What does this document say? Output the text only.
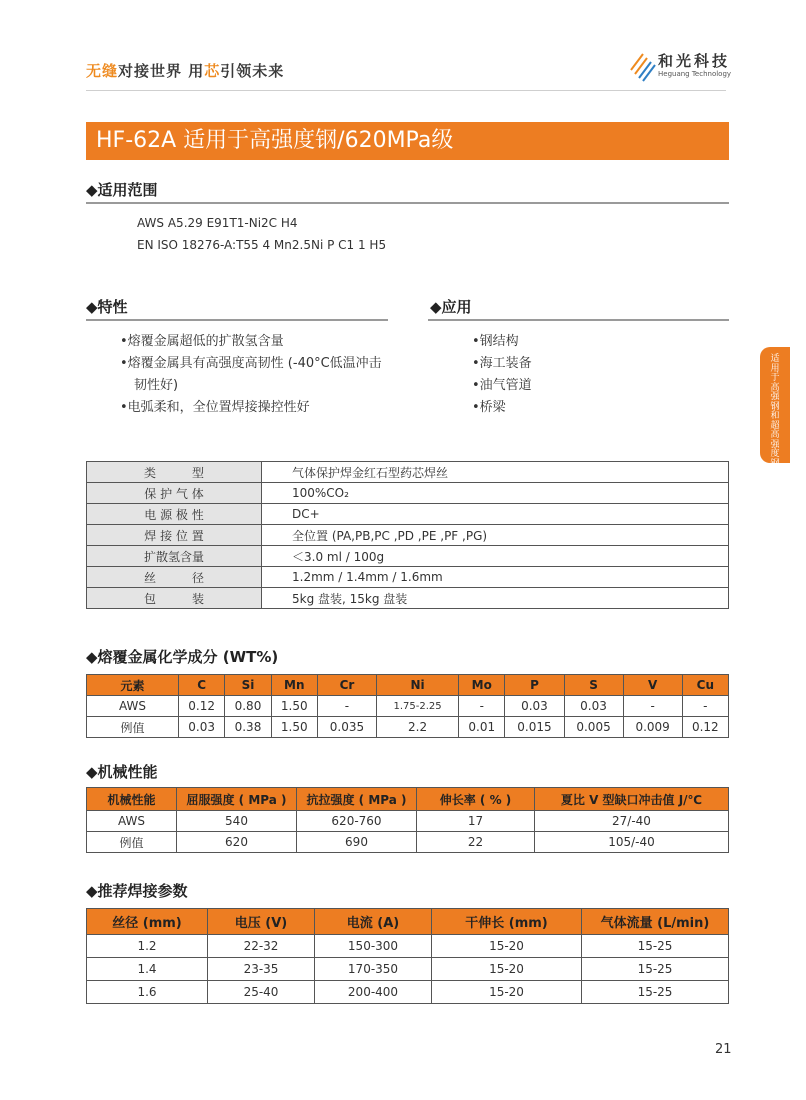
无缝对接世界 用芯引领未来
和光科技
Heguang Technology
HF-62A 适用于高强度钢/620MPa级
◆适用范围
AWS A5.29 E91T1-Ni2C H4
EN ISO 18276-A:T55 4 Mn2.5Ni P C1 1 H5
◆特性	◆应用
•熔覆金属超低的扩散氢含量
•熔覆金属具有高强度高韧性 (-40°C低温冲击
韧性好)
•电弧柔和，全位置焊接操控性好
•钢结构
•海工装备
•油气管道
•桥梁
适用于高强钢和超高强度钢
类　　　型	气体保护焊金红石型药芯焊丝
保 护 气 体	100%CO₂
电 源 极 性	DC+
焊 接 位 置	全位置 (PA,PB,PC ,PD ,PE ,PF ,PG)
扩散氢含量	＜3.0 ml / 100g
丝　　　径	1.2mm / 1.4mm / 1.6mm
包　　　装	5kg 盘装, 15kg 盘装
◆熔覆金属化学成分 (WT%)
元素	C	Si	Mn	Cr	Ni	Mo	P	S	V	Cu
AWS	0.12	0.80	1.50	-	1.75-2.25	-	0.03	0.03	-	-
例值	0.03	0.38	1.50	0.035	2.2	0.01	0.015	0.005	0.009	0.12
◆机械性能
机械性能	屈服强度 ( MPa )	抗拉强度 ( MPa )	伸长率 ( % )	夏比 V 型缺口冲击值 J/℃
AWS	540	620-760	17	27/-40
例值	620	690	22	105/-40
◆推荐焊接参数
丝径 (mm)	电压 (V)	电流 (A)	干伸长 (mm)	气体流量 (L/min)
1.2	22-32	150-300	15-20	15-25
1.4	23-35	170-350	15-20	15-25
1.6	25-40	200-400	15-20	15-25
21
